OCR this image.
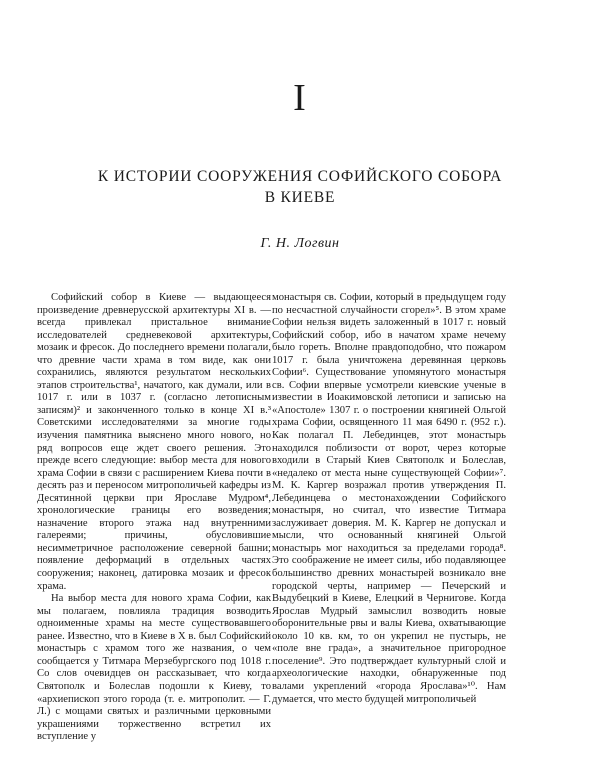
I
К ИСТОРИИ СООРУЖЕНИЯ СОФИЙСКОГО СОБОРА
В КИЕВЕ
Г. Н. Логвин

Софийский собор в Киеве — выдающееся произведение древнерусской архитектуры XI в. — всегда привлекал пристальное внимание исследователей средневековой архитектуры, мозаик и фресок. До последнего времени полагали, что древние части храма в том виде, как они сохранились, являются результатом нескольких этапов строительства¹, начатого, как думали, или в 1017 г. или в 1037 г. (согласно летописным записям)² и законченного только в конце XI в.³ Советскими исследователями за многие годы изучения памятника выяснено много нового, но ряд вопросов еще ждет своего решения. Это прежде всего следующие: выбор места для нового храма Софии в связи с расширением Киева почти в десять раз и переносом митрополичьей кафедры из Десятинной церкви при Ярославе Мудром⁴, хронологические границы его возведения; назначение второго этажа над внутренними галереями; причины, обусловившие несимметричное расположение северной башни; появление деформаций в отдельных частях сооружения; наконец, датировка мозаик и фресок храма.

На выбор места для нового храма Софии, как мы полагаем, повлияла традиция возводить одноименные храмы на месте существовавшего ранее. Известно, что в Киеве в X в. был Софийский монастырь с храмом того же названия, о чем сообщается у Титмара Мерзебургского под 1018 г. Со слов очевидцев он рассказывает, что когда Святополк и Болеслав подошли к Киеву, то «архиепископ этого города (т. е. митрополит. — Г. Л.) с мощами святых и различными церковными украшениями торжественно встретил их вступление у

монастыря св. Софии, который в предыдущем году по несчастной случайности сгорел»⁵. В этом храме Софии нельзя видеть заложенный в 1017 г. новый Софийский собор, ибо в начатом храме нечему было гореть. Вполне правдоподобно, что пожаром 1017 г. была уничтожена деревянная церковь Софии⁶. Существование упомянутого монастыря св. Софии впервые усмотрели киевские ученые в известии в Иоакимовской летописи и записью на «Апостоле» 1307 г. о построении княгиней Ольгой храма Софии, освященного 11 мая 6490 г. (952 г.). Как полагал П. Лебединцев, этот монастырь находился поблизости от ворот, через которые входили в Старый Киев Святополк и Болеслав, «недалеко от места ныне существующей Софии»⁷. М. К. Каргер возражал против утверждения П. Лебединцева о местонахождении Софийского монастыря, но считал, что известие Титмара заслуживает доверия. М. К. Каргер не допускал и мысли, что основанный княгиней Ольгой монастырь мог находиться за пределами города⁸. Это соображение не имеет силы, ибо подавляющее большинство древних монастырей возникало вне городской черты, например — Печерский и Выдубецкий в Киеве, Елецкий в Чернигове. Когда Ярослав Мудрый замыслил возводить новые оборонительные рвы и валы Киева, охватывающие около 10 кв. км, то он укрепил не пустырь, не «поле вне града», а значительное пригородное поселение⁹. Это подтверждает культурный слой и археологические находки, обнаруженные под валами укреплений «города Ярослава»¹⁰. Нам думается, что место будущей митрополичьей
